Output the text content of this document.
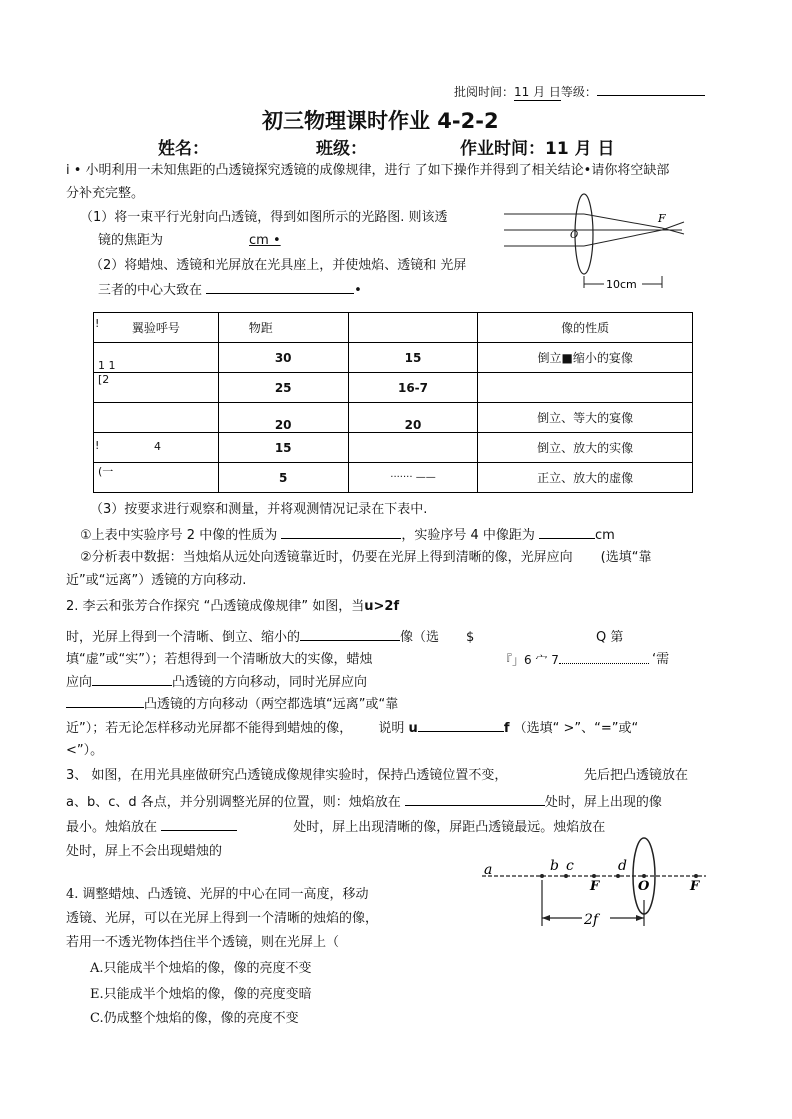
批阅时间：11 月 日等级：
初三物理课时作业 4-2-2
姓名：	班级：	作业时间：11 月 日
i • 小明利用一未知焦距的凸透镜探究透镜的成像规律，进行 了如下操作并得到了相关结论•请你将空缺部
分补充完整。
（1）将一束平行光射向凸透镜，得到如图所示的光路图. 则该透
镜的焦距为	cm •
（2）将蜡烛、透镜和光屏放在光具座上，并使烛焰、透镜和 光屏
三者的中心大致在	•
O
F
10cm
! 翼验呼号	物距		像的性质
1 1	30	15	倒立■缩小的宴像
[2	25	16-7	
	20	20	倒立、等大的宴像

! 4	15		倒立、放大的实像
(一	5	······· ——	正立、放大的虚像
（3）按要求进行观察和测量，并将观测情况记录在下表中.
①上表中实验序号 2 中像的性质为	，实验序号 4 中像距为	cm
②分析表中数据：当烛焰从远处向透镜靠近时，仍要在光屏上得到清晰的像，光屏应向 (选填“靠
近”或“远离”）透镜的方向移动.
2. 李云和张芳合作探究 “凸透镜成像规律” 如图，当u>2f
时，光屏上得到一个清晰、倒立、缩小的	像（选 $	Q 第
填“虚”或“实”）；若想得到一个清晰放大的实像，蜡烛	『」6 宀 7	‘需
应向	凸透镜的方向移动，同时光屏应向
凸透镜的方向移动（两空都选填“远离”或“靠
近”）；若无论怎样移动光屏都不能得到蜡烛的像， 说明 u	f （选填“ >”、“=”或“
<”）。
3、 如图，在用光具座做研究凸透镜成像规律实验时，保持凸透镜位置不变，	先后把凸透镜放在
a、b、c、d 各点，并分别调整光屏的位置，则：烛焰放在	处时，屏上出现的像
最小。烛焰放在	处时，屏上出现清晰的像，屏距凸透镜最远。烛焰放在
处时，屏上不会出现蜡烛的
a	b c
F
d
O	F
2f
4. 调整蜡烛、凸透镜、光屏的中心在同一高度，移动
透镜、光屏，可以在光屏上得到一个清晰的烛焰的像，
若用一不透光物体挡住半个透镜，则在光屏上（
A.只能成半个烛焰的像，像的亮度不变
E.只能成半个烛焰的像，像的亮度变暗
C.仍成整个烛焰的像，像的亮度不变
